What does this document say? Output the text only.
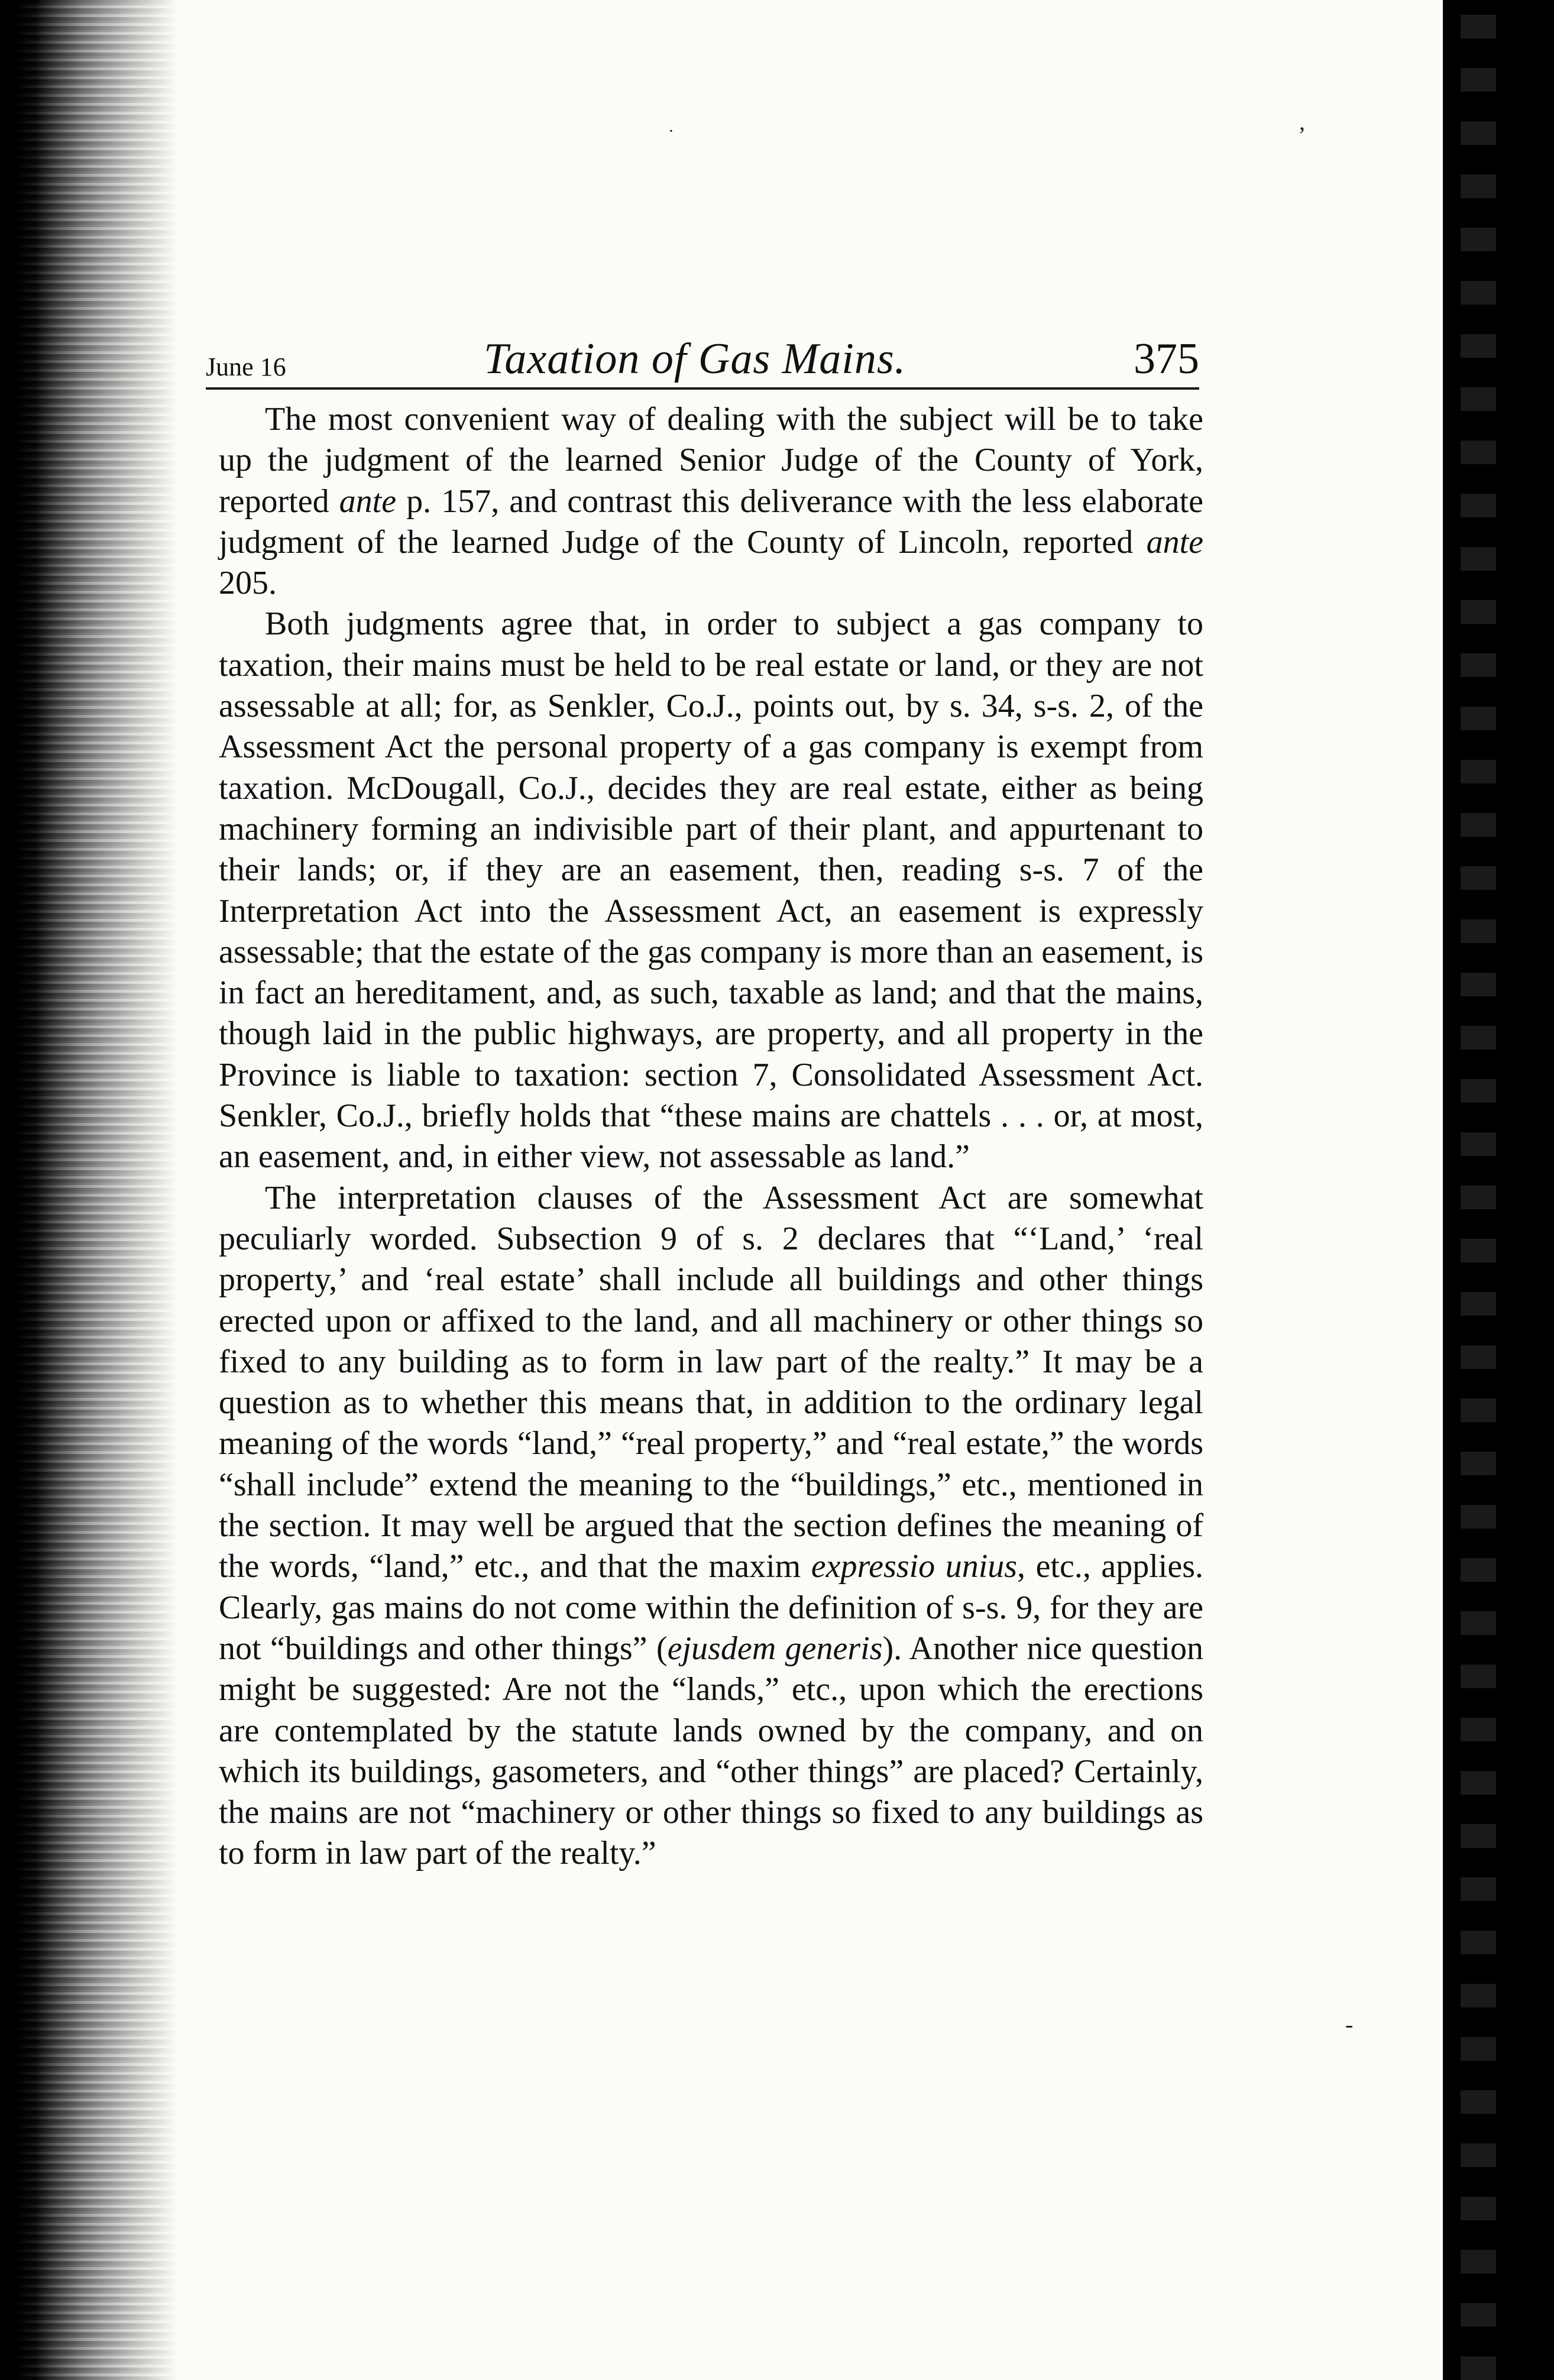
June 16	Taxation of Gas Mains.	375

The most convenient way of dealing with the subject will be to take up the judgment of the learned Senior Judge of the County of York, reported ante p. 157, and contrast this deliverance with the less elaborate judgment of the learned Judge of the County of Lincoln, reported ante 205.

Both judgments agree that, in order to subject a gas company to taxation, their mains must be held to be real estate or land, or they are not assessable at all; for, as Senkler, Co.J., points out, by s. 34, s-s. 2, of the Assessment Act the personal property of a gas company is exempt from taxation. McDougall, Co.J., decides they are real estate, either as being machinery forming an indivisible part of their plant, and appurtenant to their lands; or, if they are an easement, then, reading s-s. 7 of the Interpretation Act into the Assessment Act, an easement is expressly assessable; that the estate of the gas company is more than an easement, is in fact an hereditament, and, as such, taxable as land; and that the mains, though laid in the public highways, are property, and all property in the Province is liable to taxation: section 7, Consolidated Assessment Act. Senkler, Co.J., briefly holds that “these mains are chattels . . . or, at most, an easement, and, in either view, not assessable as land.”

The interpretation clauses of the Assessment Act are somewhat peculiarly worded. Subsection 9 of s. 2 declares that “‘Land,’ ‘real property,’ and ‘real estate’ shall include all buildings and other things erected upon or affixed to the land, and all machinery or other things so fixed to any building as to form in law part of the realty.” It may be a question as to whether this means that, in addition to the ordinary legal meaning of the words “land,” “real property,” and “real estate,” the words “shall include” extend the meaning to the “buildings,” etc., mentioned in the section. It may well be argued that the section defines the meaning of the words, “land,” etc., and that the maxim expressio unius, etc., applies. Clearly, gas mains do not come within the definition of s-s. 9, for they are not “buildings and other things” (ejusdem generis). Another nice question might be suggested: Are not the “lands,” etc., upon which the erections are contemplated by the statute lands owned by the company, and on which its buildings, gasometers, and “other things” are placed? Certainly, the mains are not “machinery or other things so fixed to any buildings as to form in law part of the realty.”

’
·
-
